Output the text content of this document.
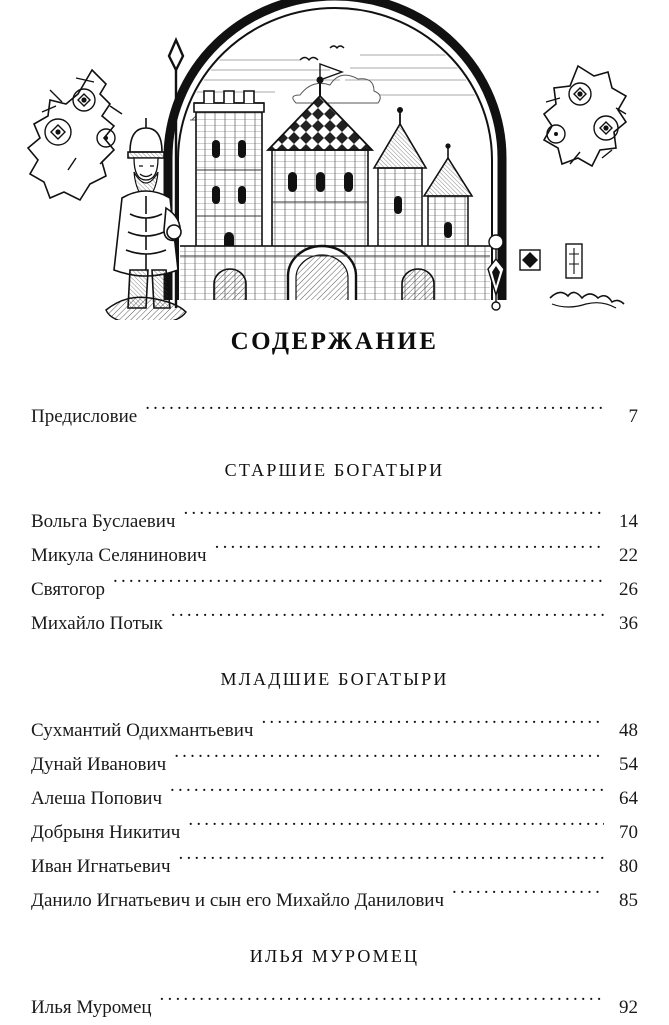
СОДЕРЖАНИЕ
Предисловие .....	7
СТАРШИЕ БОГАТЫРИ
Вольга Буслаевич .....	14
Микула Селянинович .....	22
Святогор .....	26
Михайло Потык .....	36
МЛАДШИЕ БОГАТЫРИ
Сухмантий Одихмантьевич .....	48
Дунай Иванович .....	54
Алеша Попович .....	64
Добрыня Никитич .....	70
Иван Игнатьевич .....	80
Данило Игнатьевич и сын его Михайло Данилович .....	85
ИЛЬЯ МУРОМЕЦ
Илья Муромец .....	92
